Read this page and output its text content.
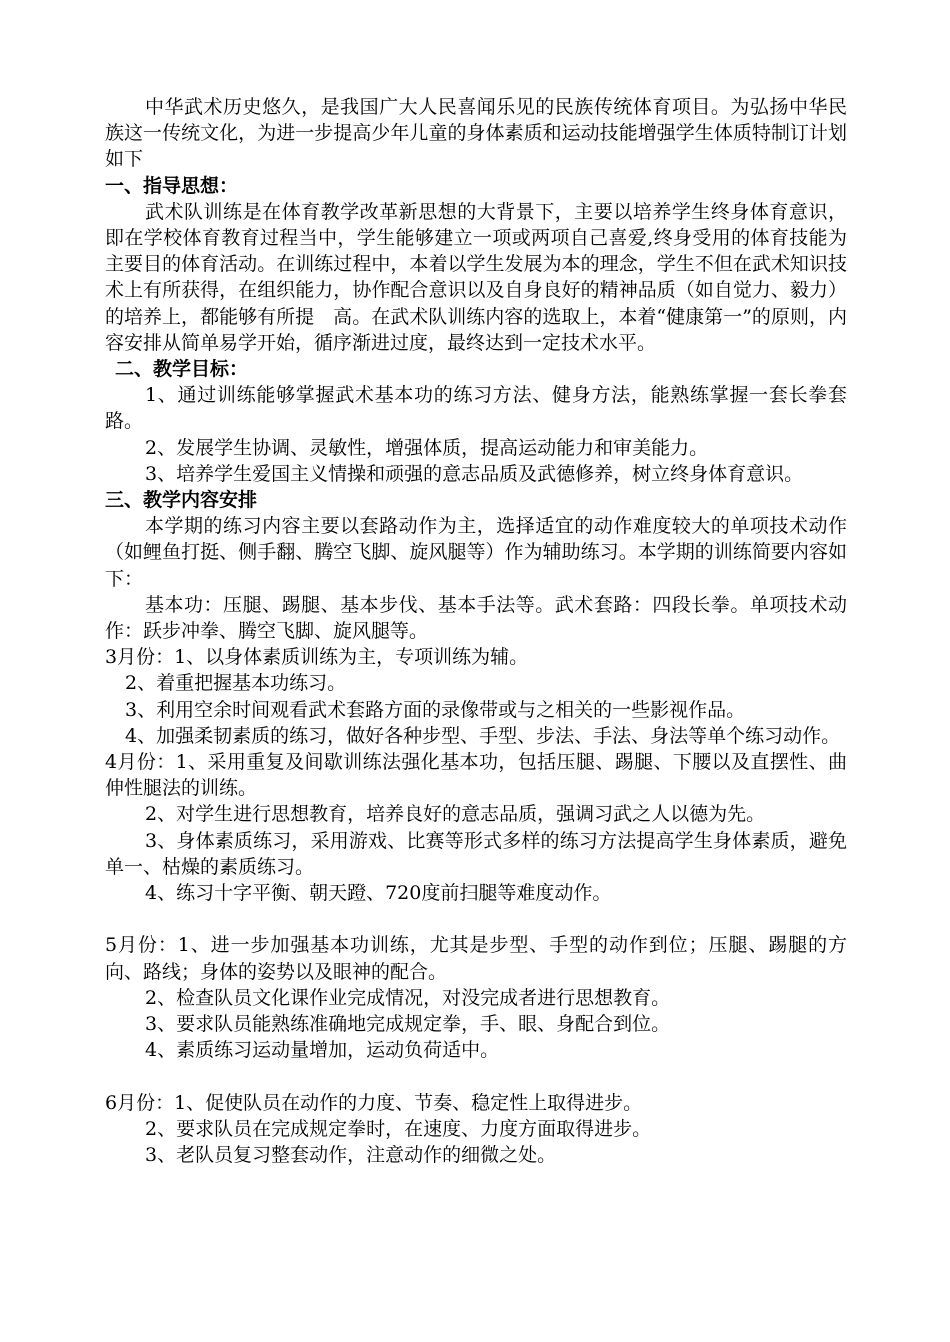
中华武术历史悠久，是我国广大人民喜闻乐见的民族传统体育项目。为弘扬中华民族这一传统文化，为进一步提高少年儿童的身体素质和运动技能增强学生体质特制订计划如下

一、指导思想：

武术队训练是在体育教学改革新思想的大背景下，主要以培养学生终身体育意识，即在学校体育教育过程当中，学生能够建立一项或两项自己喜爱,终身受用的体育技能为主要目的体育活动。在训练过程中，本着以学生发展为本的理念，学生不但在武术知识技术上有所获得，在组织能力，协作配合意识以及自身良好的精神品质（如自觉力、毅力）的培养上，都能够有所提　高。在武术队训练内容的选取上，本着“健康第一”的原则，内容安排从简单易学开始，循序渐进过度，最终达到一定技术水平。

二、教学目标：

1、通过训练能够掌握武术基本功的练习方法、健身方法，能熟练掌握一套长拳套路。

2、发展学生协调、灵敏性，增强体质，提高运动能力和审美能力。

3、培养学生爱国主义情操和顽强的意志品质及武德修养，树立终身体育意识。

三、教学内容安排

本学期的练习内容主要以套路动作为主，选择适宜的动作难度较大的单项技术动作（如鲤鱼打挺、侧手翻、腾空飞脚、旋风腿等）作为辅助练习。本学期的训练简要内容如下：

基本功：压腿、踢腿、基本步伐、基本手法等。武术套路：四段长拳。单项技术动作：跃步冲拳、腾空飞脚、旋风腿等。

3月份：1、以身体素质训练为主，专项训练为辅。

2、着重把握基本功练习。

3、利用空余时间观看武术套路方面的录像带或与之相关的一些影视作品。

4、加强柔韧素质的练习，做好各种步型、手型、步法、手法、身法等单个练习动作。

4月份：1、采用重复及间歇训练法强化基本功，包括压腿、踢腿、下腰以及直摆性、曲伸性腿法的训练。

2、对学生进行思想教育，培养良好的意志品质，强调习武之人以德为先。

3、身体素质练习，采用游戏、比赛等形式多样的练习方法提高学生身体素质，避免单一、枯燥的素质练习。

4、练习十字平衡、朝天蹬、720度前扫腿等难度动作。

5月份：1、进一步加强基本功训练，尤其是步型、手型的动作到位；压腿、踢腿的方向、路线；身体的姿势以及眼神的配合。

2、检查队员文化课作业完成情况，对没完成者进行思想教育。

3、要求队员能熟练准确地完成规定拳，手、眼、身配合到位。

4、素质练习运动量增加，运动负荷适中。

6月份：1、促使队员在动作的力度、节奏、稳定性上取得进步。

2、要求队员在完成规定拳时，在速度、力度方面取得进步。

3、老队员复习整套动作，注意动作的细微之处。
